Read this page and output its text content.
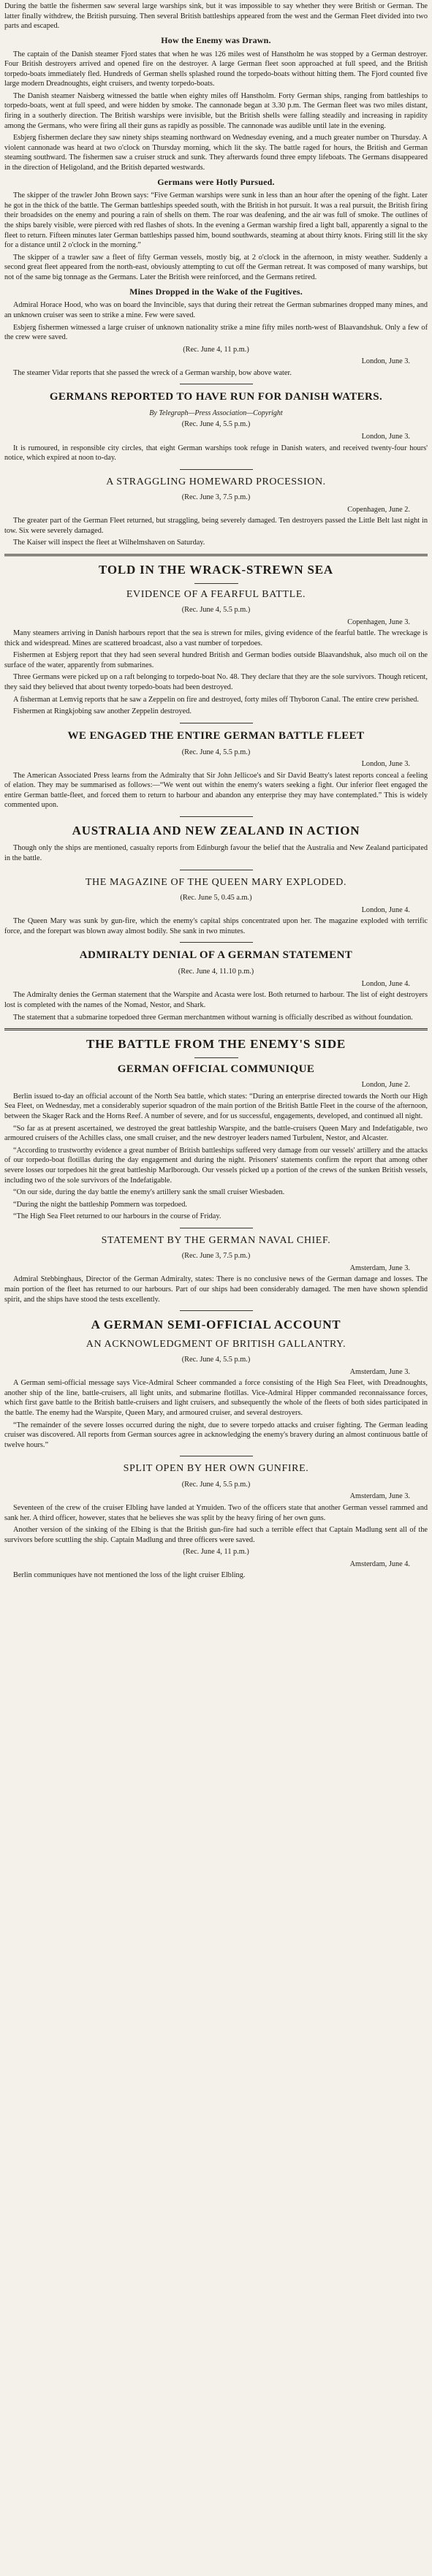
During the battle the fishermen saw several large warships sink, but it was impossible to say whether they were British or German. The latter finally withdrew, the British pursuing. Then several British battleships appeared from the west and the German Fleet divided into two parts and escaped.

How the Enemy was Drawn.

The captain of the Danish steamer Fjord states that when he was 126 miles west of Hanstholm he was stopped by a German destroyer. Four British destroyers arrived and opened fire on the destroyer. A large German fleet soon approached at full speed, and the British torpedo-boats immediately fled. Hundreds of German shells splashed round the torpedo-boats without hitting them. The Fjord counted five large modern Dreadnoughts, eight cruisers, and twenty torpedo-boats.

The Danish steamer Naisberg witnessed the battle when eighty miles off Hanstholm. Forty German ships, ranging from battleships to torpedo-boats, went at full speed, and were hidden by smoke. The cannonade began at 3.30 p.m. The German fleet was two miles distant, firing in a southerly direction. The British warships were invisible, but the British shells were falling steadily and increasing in rapidity among the Germans, who were firing all their guns as rapidly as possible. The cannonade was audible until late in the evening.

Esbjerg fishermen declare they saw ninety ships steaming northward on Wednesday evening, and a much greater number on Thursday. A violent cannonade was heard at two o'clock on Thursday morning, which lit the sky. The battle raged for hours, the British and German steaming southward. The fishermen saw a cruiser struck and sunk. They afterwards found three empty lifeboats. The Germans disappeared in the direction of Heligoland, and the British departed westwards.

Germans were Hotly Pursued.

The skipper of the trawler John Brown says: “Five German warships were sunk in less than an hour after the opening of the fight. Later he got in the thick of the battle. The German battleships speeded south, with the British in hot pursuit. It was a real pursuit, the British firing their broadsides on the enemy and pouring a rain of shells on them. The roar was deafening, and the air was full of smoke. The outlines of the ships barely visible, were pierced with red flashes of shots. In the evening a German warship fired a light ball, apparently a signal to the fleet to return. Fifteen minutes later German battleships passed him, bound southwards, steaming at about thirty knots. Firing still lit the sky for a distance until 2 o'clock in the morning.”

The skipper of a trawler saw a fleet of fifty German vessels, mostly big, at 2 o'clock in the afternoon, in misty weather. Suddenly a second great fleet appeared from the north-east, obviously attempting to cut off the German retreat. It was composed of many warships, but not of the same big tonnage as the Germans. Later the British were reinforced, and the Germans retired.

Mines Dropped in the Wake of the Fugitives.

Admiral Horace Hood, who was on board the Invincible, says that during their retreat the German submarines dropped many mines, and an unknown cruiser was seen to strike a mine. Few were saved.

Esbjerg fishermen witnessed a large cruiser of unknown nationality strike a mine fifty miles north-west of Blaavandshuk. Only a few of the crew were saved.

(Rec. June 4, 11 p.m.)
London, June 3.

The steamer Vidar reports that she passed the wreck of a German warship, bow above water.

GERMANS REPORTED TO HAVE RUN FOR DANISH WATERS.
By Telegraph—Press Association—Copyright
(Rec. June 4, 5.5 p.m.)
London, June 3.

It is rumoured, in responsible city circles, that eight German warships took refuge in Danish waters, and received twenty-four hours' notice, which expired at noon to-day.

A STRAGGLING HOMEWARD PROCESSION.
(Rec. June 3, 7.5 p.m.)
Copenhagen, June 2.

The greater part of the German Fleet returned, but straggling, being severely damaged. Ten destroyers passed the Little Belt last night in tow. Six were severely damaged.

The Kaiser will inspect the fleet at Wilhelmshaven on Saturday.

TOLD IN THE WRACK-STREWN SEA
EVIDENCE OF A FEARFUL BATTLE.
(Rec. June 4, 5.5 p.m.)
Copenhagen, June 3.

Many steamers arriving in Danish harbours report that the sea is strewn for miles, giving evidence of the fearful battle. The wreckage is thick and widespread. Mines are scattered broadcast, also a vast number of torpedoes.

Fishermen at Esbjerg report that they had seen several hundred British and German bodies outside Blaavandshuk, also much oil on the surface of the water, apparently from submarines.

Three Germans were picked up on a raft belonging to torpedo-boat No. 48. They declare that they are the sole survivors. Though reticent, they said they believed that about twenty torpedo-boats had been destroyed.

A fisherman at Lemvig reports that he saw a Zeppelin on fire and destroyed, forty miles off Thyboron Canal. The entire crew perished.

Fishermen at Ringkjobing saw another Zeppelin destroyed.

WE ENGAGED THE ENTIRE GERMAN BATTLE FLEET
(Rec. June 4, 5.5 p.m.)
London, June 3.

The American Associated Press learns from the Admiralty that Sir John Jellicoe's and Sir David Beatty's latest reports conceal a feeling of elation. They may be summarised as follows:—“We went out within the enemy's waters seeking a fight. Our inferior fleet engaged the entire German battle-fleet, and forced them to return to harbour and abandon any enterprise they may have contemplated.” This is widely commented upon.

AUSTRALIA AND NEW ZEALAND IN ACTION

Though only the ships are mentioned, casualty reports from Edinburgh favour the belief that the Australia and New Zealand participated in the battle.

THE MAGAZINE OF THE QUEEN MARY EXPLODED.
(Rec. June 5, 0.45 a.m.)
London, June 4.

The Queen Mary was sunk by gun-fire, which the enemy's capital ships concentrated upon her. The magazine exploded with terrific force, and the forepart was blown away almost bodily. She sank in two minutes.

ADMIRALTY DENIAL OF A GERMAN STATEMENT
(Rec. June 4, 11.10 p.m.)
London, June 4.

The Admiralty denies the German statement that the Warspite and Acasta were lost. Both returned to harbour. The list of eight destroyers lost is completed with the names of the Nomad, Nestor, and Shark.

The statement that a submarine torpedoed three German merchantmen without warning is officially described as without foundation.

THE BATTLE FROM THE ENEMY'S SIDE
GERMAN OFFICIAL COMMUNIQUE
London, June 2.

Berlin issued to-day an official account of the North Sea battle, which states: “During an enterprise directed towards the North our High Sea Fleet, on Wednesday, met a considerably superior squadron of the main portion of the British Battle Fleet in the course of the afternoon, between the Skager Rack and the Horns Reef. A number of severe, and for us successful, engagements, developed, and continued all night.

“So far as at present ascertained, we destroyed the great battleship Warspite, and the battle-cruisers Queen Mary and Indefatigable, two armoured cruisers of the Achilles class, one small cruiser, and the new destroyer leaders named Turbulent, Nestor, and Alcaster.

“According to trustworthy evidence a great number of British battleships suffered very damage from our vessels' artillery and the attacks of our torpedo-boat flotillas during the day engagement and during the night. Prisoners' statements confirm the report that among other severe losses our torpedoes hit the great battleship Marlborough. Our vessels picked up a portion of the crews of the sunken British vessels, including two of the sole survivors of the Indefatigable.

“On our side, during the day battle the enemy's artillery sank the small cruiser Wiesbaden.

“During the night the battleship Pommern was torpedoed.

“The High Sea Fleet returned to our harbours in the course of Friday.

STATEMENT BY THE GERMAN NAVAL CHIEF.
(Rec. June 3, 7.5 p.m.)
Amsterdam, June 3.

Admiral Stebbinghaus, Director of the German Admiralty, states: There is no conclusive news of the German damage and losses. The main portion of the fleet has returned to our harbours. Part of our ships had been considerably damaged. The men have shown splendid spirit, and the ships have stood the tests excellently.

A GERMAN SEMI-OFFICIAL ACCOUNT
AN ACKNOWLEDGMENT OF BRITISH GALLANTRY.
(Rec. June 4, 5.5 p.m.)
Amsterdam, June 3.

A German semi-official message says Vice-Admiral Scheer commanded a force consisting of the High Sea Fleet, with Dreadnoughts, another ship of the line, battle-cruisers, all light units, and submarine flotillas. Vice-Admiral Hipper commanded reconnaissance forces, which first gave battle to the British battle-cruisers and light cruisers, and subsequently the whole of the fleets of both sides participated in the battle. The enemy had the Warspite, Queen Mary, and armoured cruiser, and several destroyers.

“The remainder of the severe losses occurred during the night, due to severe torpedo attacks and cruiser fighting. The German leading cruiser was discovered. All reports from German sources agree in acknowledging the enemy's bravery during an almost continuous battle of twelve hours.”

SPLIT OPEN BY HER OWN GUNFIRE.
(Rec. June 4, 5.5 p.m.)
Amsterdam, June 3.

Seventeen of the crew of the cruiser Elbling have landed at Ymuiden. Two of the officers state that another German vessel rammed and sank her. A third officer, however, states that he believes she was split by the heavy firing of her own guns.

Another version of the sinking of the Elbing is that the British gun-fire had such a terrible effect that Captain Madlung sent all of the survivors before scuttling the ship. Captain Madlung and three officers were saved.

(Rec. June 4, 11 p.m.)
Amsterdam, June 4.

Berlin communiques have not mentioned the loss of the light cruiser Elbling.
